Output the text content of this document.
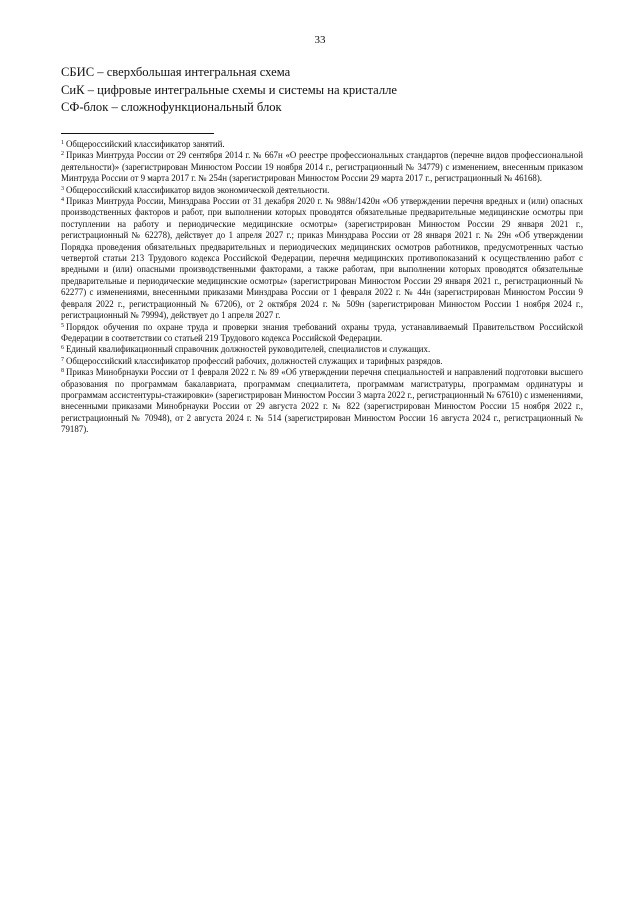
33
СБИС – сверхбольшая интегральная схема
СиК – цифровые интегральные схемы и системы на кристалле
СФ-блок – сложнофункциональный блок
$^1$ Общероссийский классификатор занятий.
$^2$ Приказ Минтруда России от 29 сентября 2014 г. № 667н «О реестре профессиональных стандартов (перечне видов профессиональной деятельности)» (зарегистрирован Минюстом России 19 ноября 2014 г., регистрационный № 34779) с изменением, внесенным приказом Минтруда России от 9 марта 2017 г. № 254н (зарегистрирован Минюстом России 29 марта 2017 г., регистрационный № 46168).
$^3$ Общероссийский классификатор видов экономической деятельности.
$^4$ Приказ Минтруда России, Минздрава России от 31 декабря 2020 г. № 988н/1420н «Об утверждении перечня вредных и (или) опасных производственных факторов и работ, при выполнении которых проводятся обязательные предварительные медицинские осмотры при поступлении на работу и периодические медицинские осмотры» (зарегистрирован Минюстом России 29 января 2021 г., регистрационный № 62278), действует до 1 апреля 2027 г.; приказ Минздрава России от 28 января 2021 г. № 29н «Об утверждении Порядка проведения обязательных предварительных и периодических медицинских осмотров работников, предусмотренных частью четвертой статьи 213 Трудового кодекса Российской Федерации, перечня медицинских противопоказаний к осуществлению работ с вредными и (или) опасными производственными факторами, а также работам, при выполнении которых проводятся обязательные предварительные и периодические медицинские осмотры» (зарегистрирован Минюстом России 29 января 2021 г., регистрационный № 62277) с изменениями, внесенными приказами Минздрава России от 1 февраля 2022 г. № 44н (зарегистрирован Минюстом России 9 февраля 2022 г., регистрационный № 67206), от 2 октября 2024 г. № 509н (зарегистрирован Минюстом России 1 ноября 2024 г., регистрационный № 79994), действует до 1 апреля 2027 г.
$^5$ Порядок обучения по охране труда и проверки знания требований охраны труда, устанавливаемый Правительством Российской Федерации в соответствии со статьей 219 Трудового кодекса Российской Федерации.
$^6$ Единый квалификационный справочник должностей руководителей, специалистов и служащих.
$^7$ Общероссийский классификатор профессий рабочих, должностей служащих и тарифных разрядов.
$^8$ Приказ Минобрнауки России от 1 февраля 2022 г. № 89 «Об утверждении перечня специальностей и направлений подготовки высшего образования по программам бакалавриата, программам специалитета, программам магистратуры, программам ординатуры и программам ассистентуры-стажировки» (зарегистрирован Минюстом России 3 марта 2022 г., регистрационный № 67610) с изменениями, внесенными приказами Минобрнауки России от 29 августа 2022 г. № 822 (зарегистрирован Минюстом России 15 ноября 2022 г., регистрационный № 70948), от 2 августа 2024 г. № 514 (зарегистрирован Минюстом России 16 августа 2024 г., регистрационный № 79187).
